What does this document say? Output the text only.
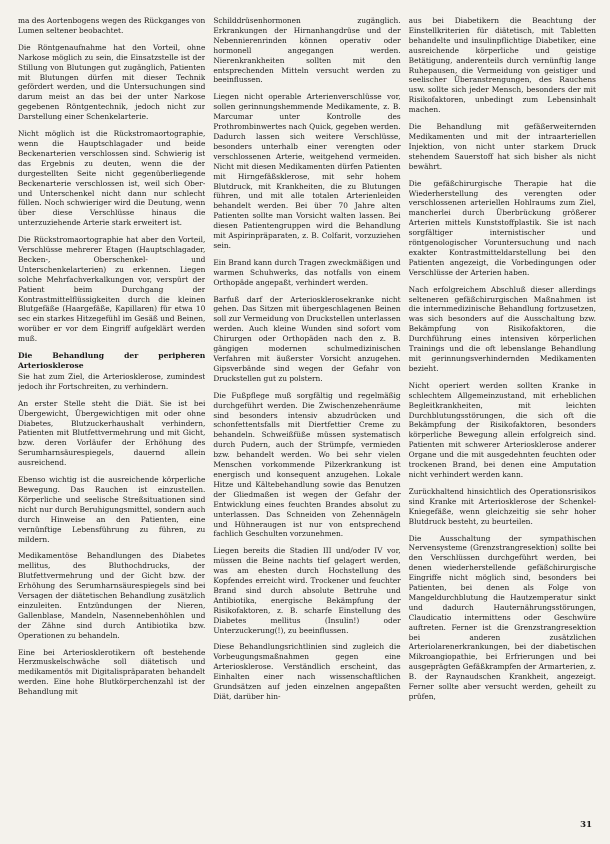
ma des Aortenbogens wegen des Rückganges von Lumen seltener beobachtet.

Die Röntgenaufnahme hat den Vorteil, ohne Narkose möglich zu sein, die Einsatzstelle ist der Stillung von Blutungen gut zugänglich, Patienten mit Blutungen dürfen mit dieser Technik gefördert werden, und die Untersuchungen sind darum meist an das bei der unter Narkose gegebenen Röntgentechnik, jedoch nicht zur Darstellung einer Schenkelarterie.

Nicht möglich ist die Rückstromaortographie, wenn die Hauptschlagader und beide Beckenarterien verschlossen sind. Schwierig ist das Ergebnis zu deuten, wenn die der durgestellten Seite nicht gegenüberliegende Beckenarterie verschlossen ist, weil sich Ober- und Unterschenkel nicht dann nur schlecht füllen. Noch schwieriger wird die Deutung, wenn über diese Verschlüsse hinaus die unterzuziehende Arterie stark erweitert ist.

Die Rückstromaortographie hat aber den Vorteil, Verschlüsse mehrerer Etagen (Hauptschlagader, Becken-, Oberschenkel- und Unterschenkelarterien) zu erkennen. Liegen solche Mehrfachverkalkungen vor, verspürt der Patient beim Durchgang der Kontrastmittelflüssigkeiten durch die kleinen Blutgefäße (Haargefäße, Kapillaren) für etwa 10 sec ein starkes Hitzegefühl im Gesäß und Beinen, worüber er vor dem Eingriff aufgeklärt werden muß.

Die Behandlung der peripheren Arteriosklerose

Sie hat zum Ziel, die Arteriosklerose, zumindest jedoch ihr Fortschreiten, zu verhindern.

An erster Stelle steht die Diät. Sie ist bei Übergewicht, Übergewichtigen mit oder ohne Diabetes, Blutzuckerhaushalt verhindern, Patienten mit Blutfettvermehrung und mit Gicht, bzw. deren Vorläufer der Erhöhung des Serumharnsäurespiegels, dauernd allein ausreichend.

Ebenso wichtig ist die ausreichende körperliche Bewegung. Das Rauchen ist einzustellen. Körperliche und seelische Streßsituationen sind nicht nur durch Beruhigungsmittel, sondern auch durch Hinweise an den Patienten, eine vernünftige Lebensführung zu führen, zu mildern.

Medikamentöse Behandlungen des Diabetes mellitus, des Bluthochdrucks, der Blutfettvermehrung und der Gicht bzw. der Erhöhung des Serumharnsäurespiegels sind bei Versagen der diätetischen Behandlung zusätzlich einzuleiten. Entzündungen der Nieren, Gallenblase, Mandeln, Nasennebenhöhlen und der Zähne sind durch Antibiotika bzw. Operationen zu behandeln.

Eine bei Arteriosklerotikern oft bestehende Herzmuskelschwäche soll diätetisch und medikamentös mit Digitalispräparaten behandelt werden. Eine hohe Blutkörperchenzahl ist der Behandlung mit

Schilddrüsenhormonen zugänglich. Erkrankungen der Hirnanhangdrüse und der Nebennierenrinden können operativ oder hormonell angegangen werden. Nierenkrankheiten sollten mit den entsprechenden Mitteln versucht werden zu beeinflussen.

Liegen nicht operable Arterienverschlüsse vor, sollen gerinnungshemmende Medikamente, z. B. Marcumar unter Kontrolle des Prothrombinwertes nach Quick, gegeben werden. Dadurch lassen sich weitere Verschlüsse, besonders unterhalb einer verengten oder verschlossenen Arterie, weitgehend vermeiden. Nicht mit diesen Medikamenten dürfen Patienten mit Hirngefäßsklerose, mit sehr hohem Blutdruck, mit Krankheiten, die zu Blutungen führen, und mit alle totalen Arterienleiden behandelt werden. Bei über 70 Jahre alten Patienten sollte man Vorsicht walten lassen. Bei diesen Patientengruppen wird die Behandlung mit Aspirinpräparaten, z. B. Colfarit, vorzuziehen sein.

Ein Brand kann durch Tragen zweckmäßigen und warmen Schuhwerks, das notfalls von einem Orthopäde angepaßt, verhindert werden.

Barfuß darf der Arteriosklerosekranke nicht gehen. Das Sitzen mit übergeschlagenen Beinen soll zur Vermeidung von Druckstellen unterlassen werden. Auch kleine Wunden sind sofort vom Chirurgen oder Orthopäden nach den z. B. gängigen modernen schulmedizinischen Verfahren mit äußerster Vorsicht anzugehen. Gipsverbände sind wegen der Gefahr von Druckstellen gut zu polstern.

Die Fußpflege muß sorgfältig und regelmäßig durchgeführt werden. Die Zwischenzehenräume sind besonders intensiv abzudrücken und schonfettentsfalls mit Diertfettier Creme zu behandeln. Schweißfüße müssen systematisch durch Pudern, auch der Strümpfe, vermieden bzw. behandelt werden. Wo bei sehr vielen Menschen vorkommende Pilzerkrankung ist energisch und konsequent anzugehen. Lokale Hitze und Kältebehandlung sowie das Benutzen der Gliedmaßen ist wegen der Gefahr der Entwicklung eines feuchten Brandes absolut zu unterlassen. Das Schneiden von Zehennägeln und Hühneraugen ist nur von entsprechend fachlich Geschulten vorzunehmen.

Liegen bereits die Stadien III und/oder IV vor, müssen die Beine nachts tief gelagert werden, was am ehesten durch Hochstellung des Kopfendes erreicht wird. Trockener und feuchter Brand sind durch absolute Bettruhe und Antibiotika, energische Bekämpfung der Risikofaktoren, z. B. scharfe Einstellung des Diabetes mellitus (Insulin!) oder Unterzuckerung(!), zu beeinflussen.

Diese Behandlungsrichtlinien sind zugleich die Vorbeugungsmaßnahmen gegen eine Arteriosklerose. Verständlich erscheint, das Einhalten einer nach wissenschaftlichen Grundsätzen auf jeden einzelnen angepaßten Diät, darüber hin-

aus bei Diabetikern die Beachtung der Einstellkriterien für diätetisch, mit Tabletten behandelte und insulinpflichtige Diabetiker, eine ausreichende körperliche und geistige Betätigung, anderenteils durch vernünftig lange Ruhepausen, die Vermeidung von geistiger und seelischer Überanstrengungen, des Rauchens usw. sollte sich jeder Mensch, besonders der mit Risikofaktoren, unbedingt zum Lebensinhalt machen.

Die Behandlung mit gefäßerweiternden Medikamenten und mit der intraarteriellen Injektion, von nicht unter starkem Druck stehendem Sauerstoff hat sich bisher als nicht bewährt.

Die gefäßchirurgische Therapie hat die Wiederherstellung des verengten oder verschlossenen arteriellen Hohlraums zum Ziel, mancherlei durch Überbrückung größerer Arterien mittels Kunststoffplastik. Sie ist nach sorgfältiger internistischer und röntgenologischer Voruntersuchung und nach exakter Kontrastmitteldarstellung bei den Patienten angezeigt, die Vorbedingungen oder Verschlüsse der Arterien haben.

Nach erfolgreichem Abschluß dieser allerdings selteneren gefäßchirurgischen Maßnahmen ist die internmedizinische Behandlung fortzusetzen, was sich besonders auf die Ausschaltung bzw. Bekämpfung von Risikofaktoren, die Durchführung eines intensiven körperlichen Trainings und die oft lebenslange Behandlung mit gerinnungsverhindernden Medikamenten bezieht.

Nicht operiert werden sollten Kranke in schlechtem Allgemeinzustand, mit erheblichen Begleitkrankheiten, mit leichten Durchblutungsstörungen, die sich oft die Bekämpfung der Risikofaktoren, besonders körperliche Bewegung allein erfolgreich sind. Patienten mit schwerer Arteriosklerose anderer Organe und die mit ausgedehnten feuchten oder trockenen Brand, bei denen eine Amputation nicht verhindert werden kann.

Zurückhaltend hinsichtlich des Operationsrisikos sind Kranke mit Arteriosklerose der Schenkel-Kniegefäße, wenn gleichzeitig sie sehr hoher Blutdruck besteht, zu beurteilen.

Die Ausschaltung der sympathischen Nervensysteme (Grenzstrangresektion) sollte bei den Verschlüssen durchgeführt werden, bei denen wiederherstellende gefäßchirurgische Eingriffe nicht möglich sind, besonders bei Patienten, bei denen als Folge von Mangeldurchblutung die Hautzemperatur sinkt und dadurch Hauternährungsstörungen, Claudicatio intermittens oder Geschwüre auftreten. Ferner ist die Grenzstrangresektion bei anderen zusätzlichen Arteriolarenerkrankungen, bei der diabetischen Mikroangiopathie, bei Erfrierungen und bei ausgeprägten Gefäßkrampfen der Armarterien, z. B. der Raynaudschen Krankheit, angezeigt. Ferner sollte aber versucht werden, geheilt zu prüfen,

31
